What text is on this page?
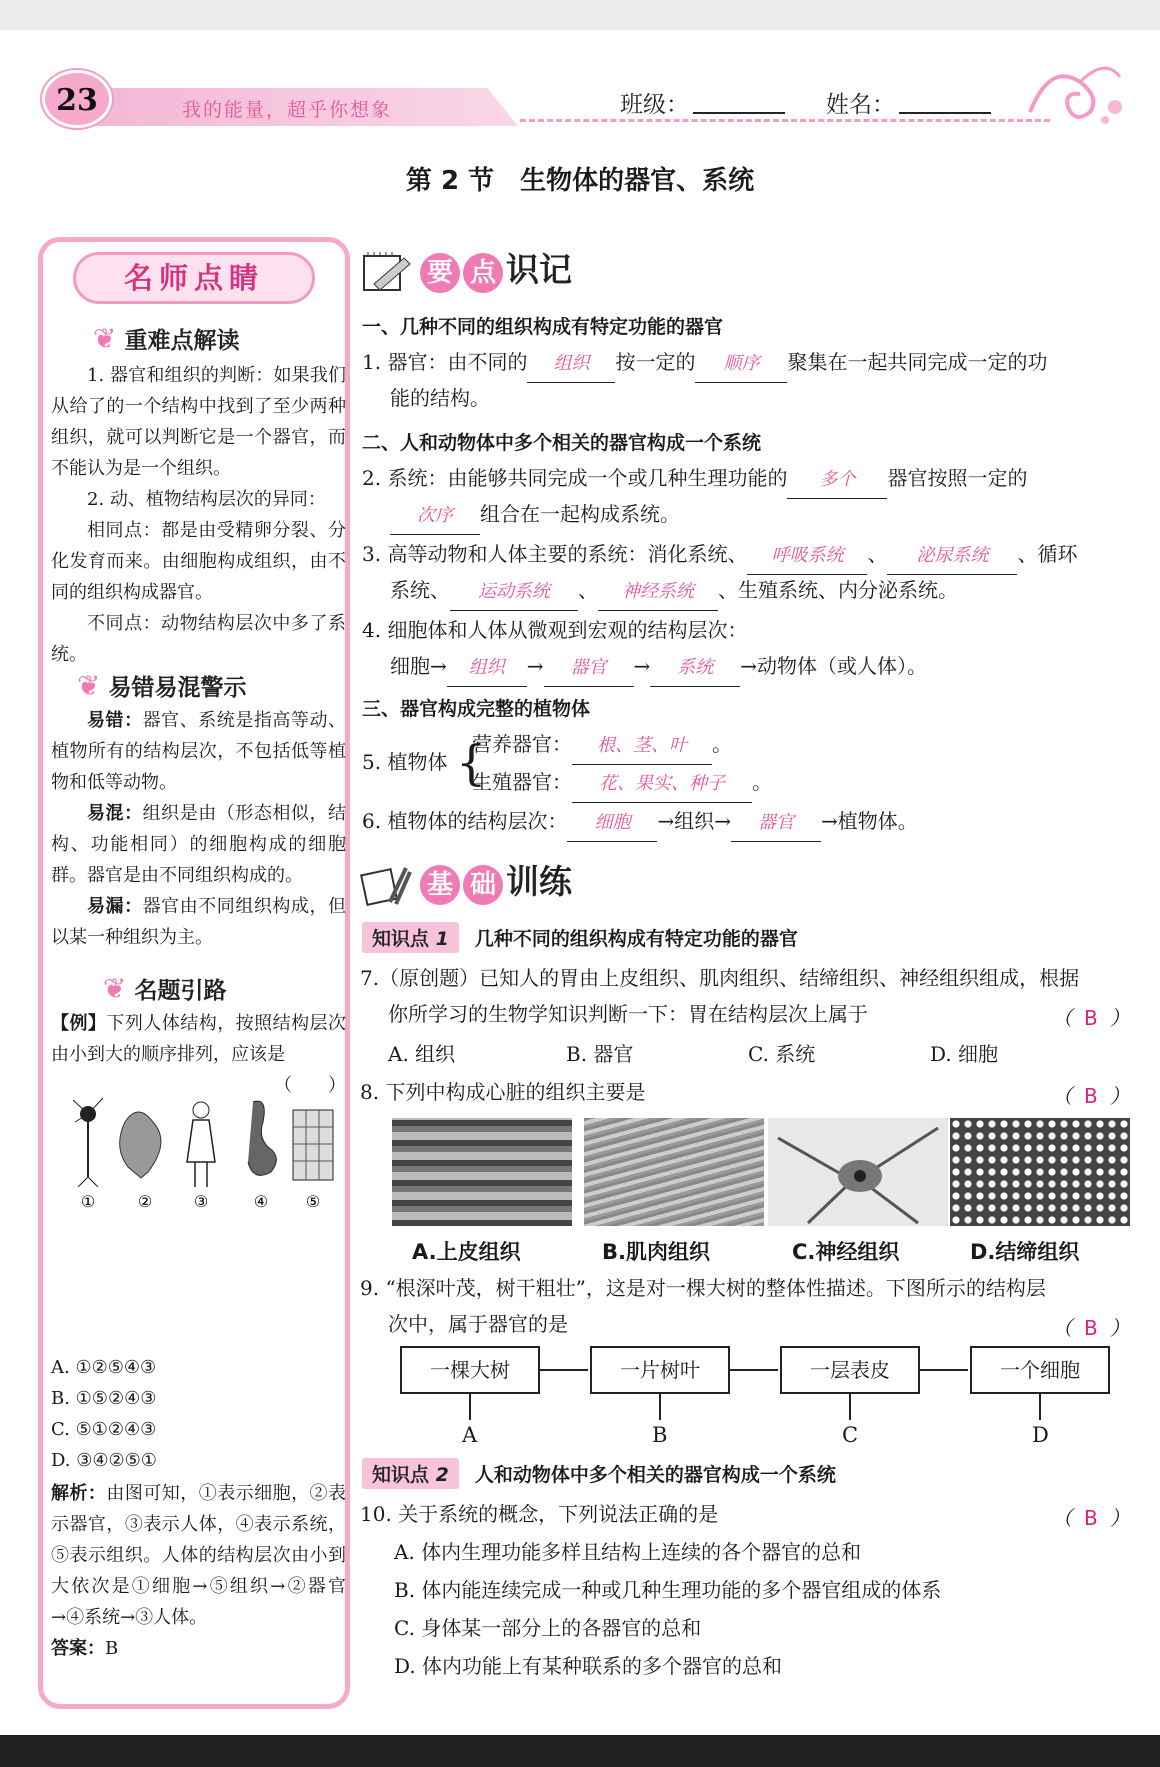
23	我的能量，超乎你想象	班级：	姓名：
第 2 节　生物体的器官、系统
名师点睛
❦ 重难点解读

1. 器官和组织的判断：如果我们从给了的一个结构中找到了至少两种组织，就可以判断它是一个器官，而不能认为是一个组织。

2. 动、植物结构层次的异同：

相同点：都是由受精卵分裂、分化发育而来。由细胞构成组织，由不同的组织构成器官。

不同点：动物结构层次中多了系统。

❦ 易错易混警示

易错：器官、系统是指高等动、植物所有的结构层次，不包括低等植物和低等动物。

易混：组织是由（形态相似，结构、功能相同）的细胞构成的细胞群。器官是由不同组织构成的。

易漏：器官由不同组织构成，但以某一种组织为主。

❦ 名题引路

【例】下列人体结构，按照结构层次由小到大的顺序排列，应该是

（　　）

①	②	③	④ ⑤
A. ①②⑤④③
B. ①⑤②④③
C. ⑤①②④③
D. ③④②⑤①

解析：由图可知，①表示细胞，②表示器官，③表示人体，④表示系统，⑤表示组织。人体的结构层次由小到大依次是①细胞→⑤组织→②器官→④系统→③人体。

答案：B

要 点 识记
一、几种不同的组织构成有特定功能的器官
1. 器官：由不同的 组织 按一定的 顺序 聚集在一起共同完成一定的功
能的结构。
二、人和动物体中多个相关的器官构成一个系统
2. 系统：由能够共同完成一个或几种生理功能的 多个 器官按照一定的
次序 组合在一起构成系统。
3. 高等动物和人体主要的系统：消化系统、 呼吸系统 、 泌尿系统 、循环
系统、 运动系统 、 神经系统 、生殖系统、内分泌系统。
4. 细胞体和人体从微观到宏观的结构层次：
细胞→ 组织 → 器官 → 系统 →动物体（或人体）。
三、器官构成完整的植物体
5. 植物体 {
营养器官： 根、茎、叶 。
生殖器官： 花、果实、种子 。
6. 植物体的结构层次： 细胞 →组织→ 器官 →植物体。
基 础 训练
知识点 1 几种不同的组织构成有特定功能的器官
7.（原创题）已知人的胃由上皮组织、肌肉组织、结缔组织、神经组织组成，根据
你所学习的生物学知识判断一下：胃在结构层次上属于	（ B ）
A. 组织	B. 器官	C. 系统	D. 细胞
8. 下列中构成心脏的组织主要是	（ B ）
A.上皮组织	B.肌肉组织	C.神经组织	D.结缔组织
9. “根深叶茂，树干粗壮”，这是对一棵大树的整体性描述。下图所示的结构层
次中，属于器官的是	（ B ）
一棵大树	一片树叶	一层表皮	一个细胞
A	B	C	D
知识点 2 人和动物体中多个相关的器官构成一个系统
10. 关于系统的概念，下列说法正确的是	（ B ）
A. 体内生理功能多样且结构上连续的各个器官的总和
B. 体内能连续完成一种或几种生理功能的多个器官组成的体系
C. 身体某一部分上的各器官的总和
D. 体内功能上有某种联系的多个器官的总和
